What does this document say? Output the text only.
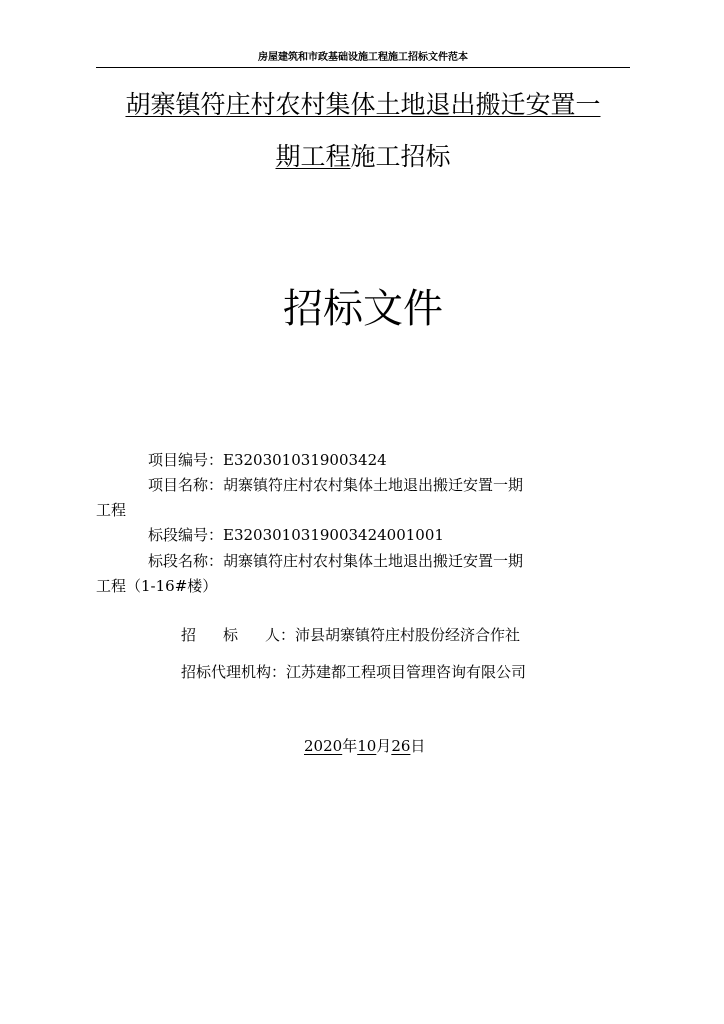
房屋建筑和市政基础设施工程施工招标文件范本
胡寨镇符庄村农村集体土地退出搬迁安置一
期工程施工招标
招标文件
项目编号：E3203010319003424
项目名称：胡寨镇符庄村农村集体土地退出搬迁安置一期
工程
标段编号：E3203010319003424001001
标段名称：胡寨镇符庄村农村集体土地退出搬迁安置一期
工程（1-16#楼）
招 标 人：沛县胡寨镇符庄村股份经济合作社
招标代理机构：江苏建都工程项目管理咨询有限公司
2020年10月26日
